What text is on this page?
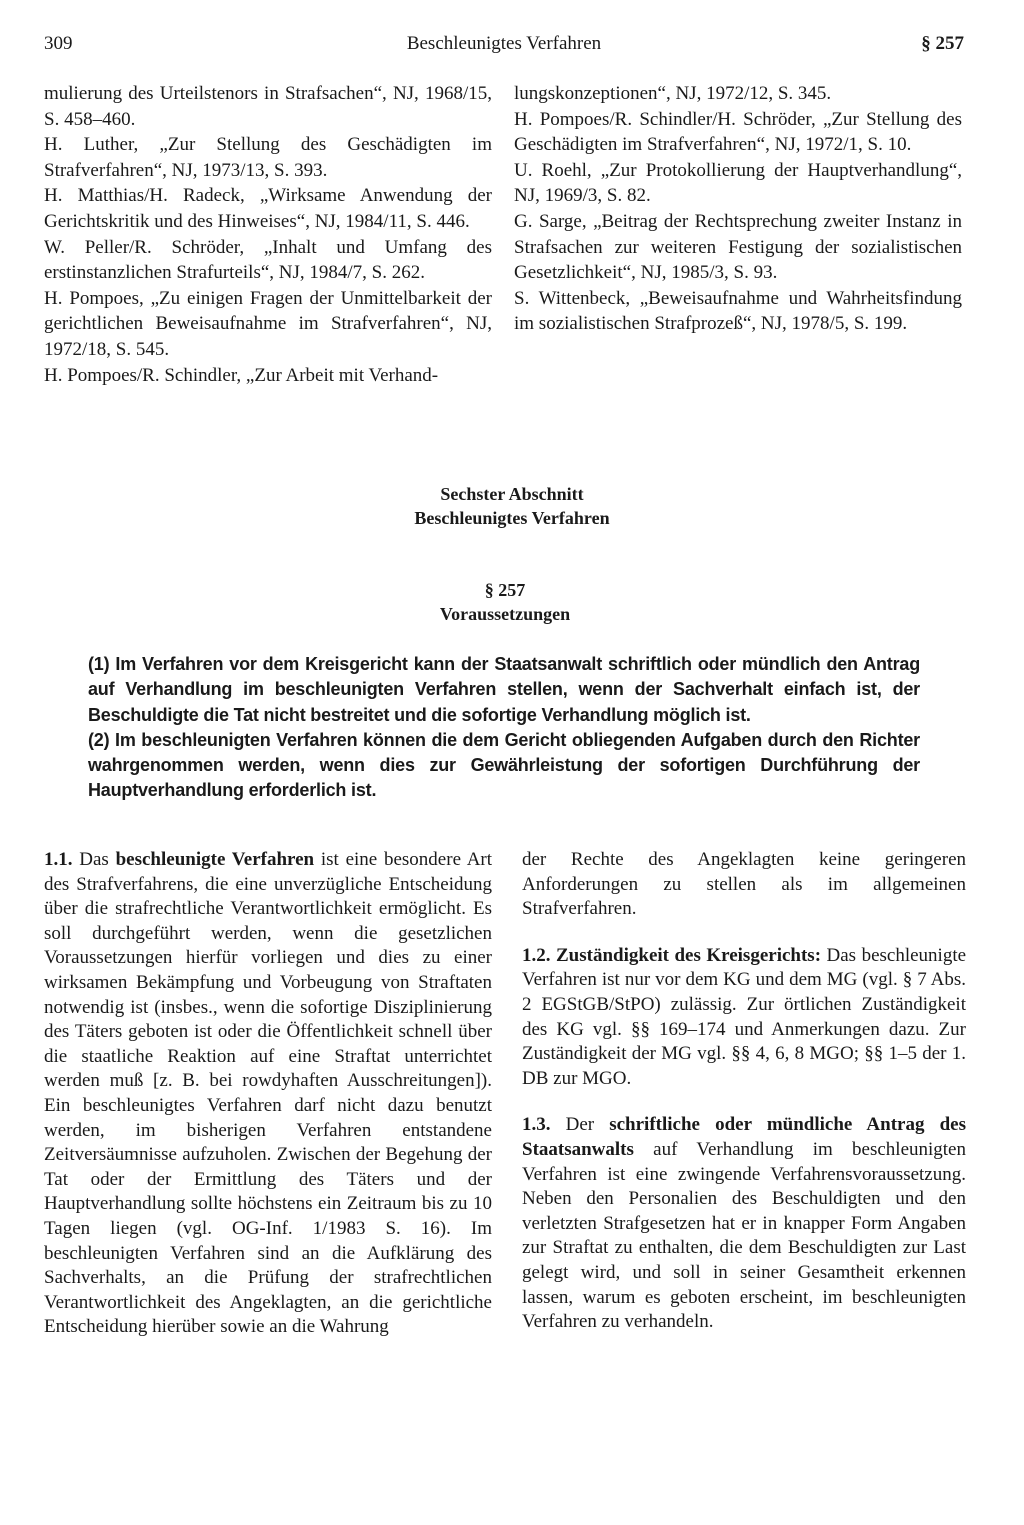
309	Beschleunigtes Verfahren	§ 257

mulierung des Urteilstenors in Strafsachen“, NJ, 1968/15, S. 458–460.

H. Luther, „Zur Stellung des Geschädigten im Strafverfahren“, NJ, 1973/13, S. 393.

H. Matthias/H. Radeck, „Wirksame Anwendung der Gerichtskritik und des Hinweises“, NJ, 1984/11, S. 446.

W. Peller/R. Schröder, „Inhalt und Umfang des erstinstanzlichen Strafurteils“, NJ, 1984/7, S. 262.

H. Pompoes, „Zu einigen Fragen der Unmittelbarkeit der gerichtlichen Beweisaufnahme im Strafverfahren“, NJ, 1972/18, S. 545.

H. Pompoes/R. Schindler, „Zur Arbeit mit Verhand-

lungskonzeptionen“, NJ, 1972/12, S. 345.

H. Pompoes/R. Schindler/H. Schröder, „Zur Stellung des Geschädigten im Strafverfahren“, NJ, 1972/1, S. 10.

U. Roehl, „Zur Protokollierung der Hauptverhandlung“, NJ, 1969/3, S. 82.

G. Sarge, „Beitrag der Rechtsprechung zweiter Instanz in Strafsachen zur weiteren Festigung der sozialistischen Gesetzlichkeit“, NJ, 1985/3, S. 93.

S. Wittenbeck, „Beweisaufnahme und Wahrheitsfindung im sozialistischen Strafprozeß“, NJ, 1978/5, S. 199.

Sechster Abschnitt
Beschleunigtes Verfahren
§ 257
Voraussetzungen

(1) Im Verfahren vor dem Kreisgericht kann der Staatsanwalt schriftlich oder mündlich den Antrag auf Verhandlung im beschleunigten Verfahren stellen, wenn der Sachverhalt einfach ist, der Beschuldigte die Tat nicht bestreitet und die sofortige Verhandlung möglich ist.

(2) Im beschleunigten Verfahren können die dem Gericht obliegenden Aufgaben durch den Richter wahrgenommen werden, wenn dies zur Gewährleistung der sofortigen Durchführung der Hauptverhandlung erforderlich ist.

1.1. Das beschleunigte Verfahren ist eine besondere Art des Strafverfahrens, die eine unverzügliche Entscheidung über die strafrechtliche Verantwortlichkeit ermöglicht. Es soll durchgeführt werden, wenn die gesetzlichen Voraussetzungen hierfür vorliegen und dies zu einer wirksamen Bekämpfung und Vorbeugung von Straftaten notwendig ist (insbes., wenn die sofortige Disziplinierung des Täters geboten ist oder die Öffentlichkeit schnell über die staatliche Reaktion auf eine Straftat unterrichtet werden muß [z. B. bei rowdyhaften Ausschreitungen]). Ein beschleunigtes Verfahren darf nicht dazu benutzt werden, im bisherigen Verfahren entstandene Zeitversäumnisse aufzuholen. Zwischen der Begehung der Tat oder der Ermittlung des Täters und der Hauptverhandlung sollte höchstens ein Zeitraum bis zu 10 Tagen liegen (vgl. OG-Inf. 1/1983 S. 16). Im beschleunigten Verfahren sind an die Aufklärung des Sachverhalts, an die Prüfung der strafrechtlichen Verantwortlichkeit des Angeklagten, an die gerichtliche Entscheidung hierüber sowie an die Wahrung

der Rechte des Angeklagten keine geringeren Anforderungen zu stellen als im allgemeinen Strafverfahren.

1.2. Zuständigkeit des Kreisgerichts: Das beschleunigte Verfahren ist nur vor dem KG und dem MG (vgl. § 7 Abs. 2 EGStGB/StPO) zulässig. Zur örtlichen Zuständigkeit des KG vgl. §§ 169–174 und Anmerkungen dazu. Zur Zuständigkeit der MG vgl. §§ 4, 6, 8 MGO; §§ 1–5 der 1. DB zur MGO.

1.3. Der schriftliche oder mündliche Antrag des Staatsanwalts auf Verhandlung im beschleunigten Verfahren ist eine zwingende Verfahrensvoraussetzung. Neben den Personalien des Beschuldigten und den verletzten Strafgesetzen hat er in knapper Form Angaben zur Straftat zu enthalten, die dem Beschuldigten zur Last gelegt wird, und soll in seiner Gesamtheit erkennen lassen, warum es geboten erscheint, im beschleunigten Verfahren zu verhandeln.
